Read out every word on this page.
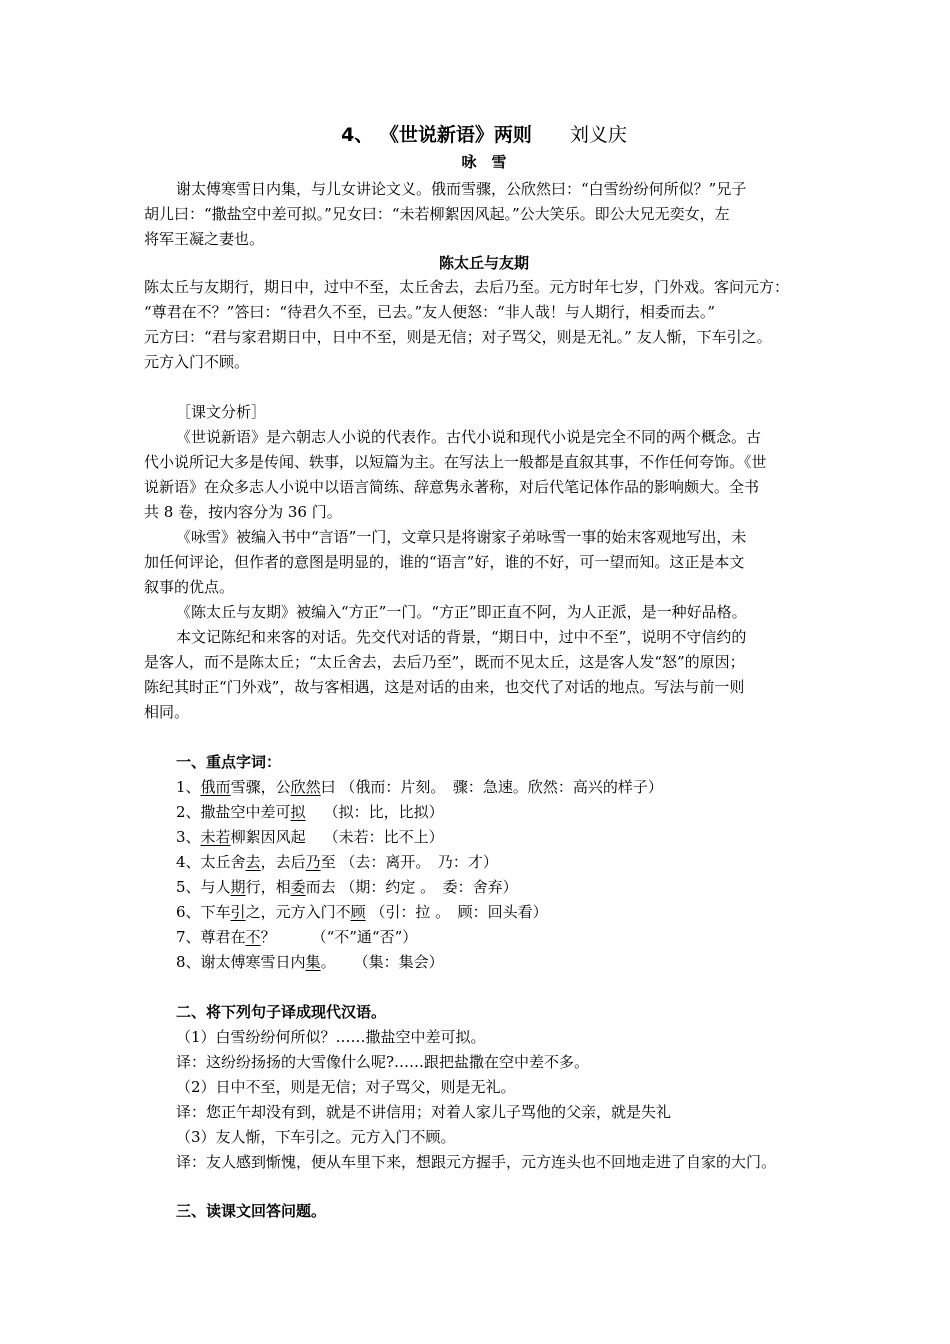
4、 《世说新语》两则 刘义庆
咏　雪
谢太傅寒雪日内集，与儿女讲论文义。俄而雪骤，公欣然曰：“白雪纷纷何所似？”兄子
胡儿曰：“撒盐空中差可拟。”兄女曰：“未若柳絮因风起。”公大笑乐。即公大兄无奕女，左
将军王凝之妻也。
陈太丘与友期
陈太丘与友期行，期日中，过中不至，太丘舍去，去后乃至。元方时年七岁，门外戏。客问元方：
“尊君在不？”答曰：“待君久不至，已去。”友人便怒：“非人哉！与人期行，相委而去。”
元方曰：“君与家君期日中，日中不至，则是无信；对子骂父，则是无礼。” 友人惭，下车引之。
元方入门不顾。
［课文分析］
《世说新语》是六朝志人小说的代表作。古代小说和现代小说是完全不同的两个概念。古
代小说所记大多是传闻、轶事，以短篇为主。在写法上一般都是直叙其事，不作任何夸饰。《世
说新语》在众多志人小说中以语言简练、辞意隽永著称，对后代笔记体作品的影响颇大。全书
共 8 卷，按内容分为 36 门。
《咏雪》被编入书中“言语”一门，文章只是将谢家子弟咏雪一事的始末客观地写出，未
加任何评论，但作者的意图是明显的，谁的“语言”好，谁的不好，可一望而知。这正是本文
叙事的优点。
《陈太丘与友期》被编入“方正”一门。“方正”即正直不阿，为人正派，是一种好品格。
本文记陈纪和来客的对话。先交代对话的背景，“期日中，过中不至”，说明不守信约的
是客人，而不是陈太丘；“太丘舍去，去后乃至”，既而不见太丘，这是客人发“怒”的原因；
陈纪其时正“门外戏”，故与客相遇，这是对话的由来，也交代了对话的地点。写法与前一则
相同。
一、重点字词：
1、俄而雪骤，公欣然曰 （俄而：片刻。　骤：急速。欣然：高兴的样子）
2、撒盐空中差可拟 （拟：比，比拟）
3、未若柳絮因风起 （未若：比不上）
4、太丘舍去，去后乃至 （去：离开。　乃：才）
5、与人期行，相委而去 （期：约定 。　委：舍弃）
6、下车引之，元方入门不顾 （引：拉 。　顾：回头看）
7、尊君在不？ （“不”通“否”）
8、谢太傅寒雪日内集。 （集：集会）
二、将下列句子译成现代汉语。
（1）白雪纷纷何所似？……撒盐空中差可拟。
译：这纷纷扬扬的大雪像什么呢?……跟把盐撒在空中差不多。
（2）日中不至，则是无信；对子骂父，则是无礼。
译：您正午却没有到，就是不讲信用；对着人家儿子骂他的父亲，就是失礼
（3）友人惭，下车引之。元方入门不顾。
译：友人感到惭愧，便从车里下来，想跟元方握手，元方连头也不回地走进了自家的大门。
三、读课文回答问题。
